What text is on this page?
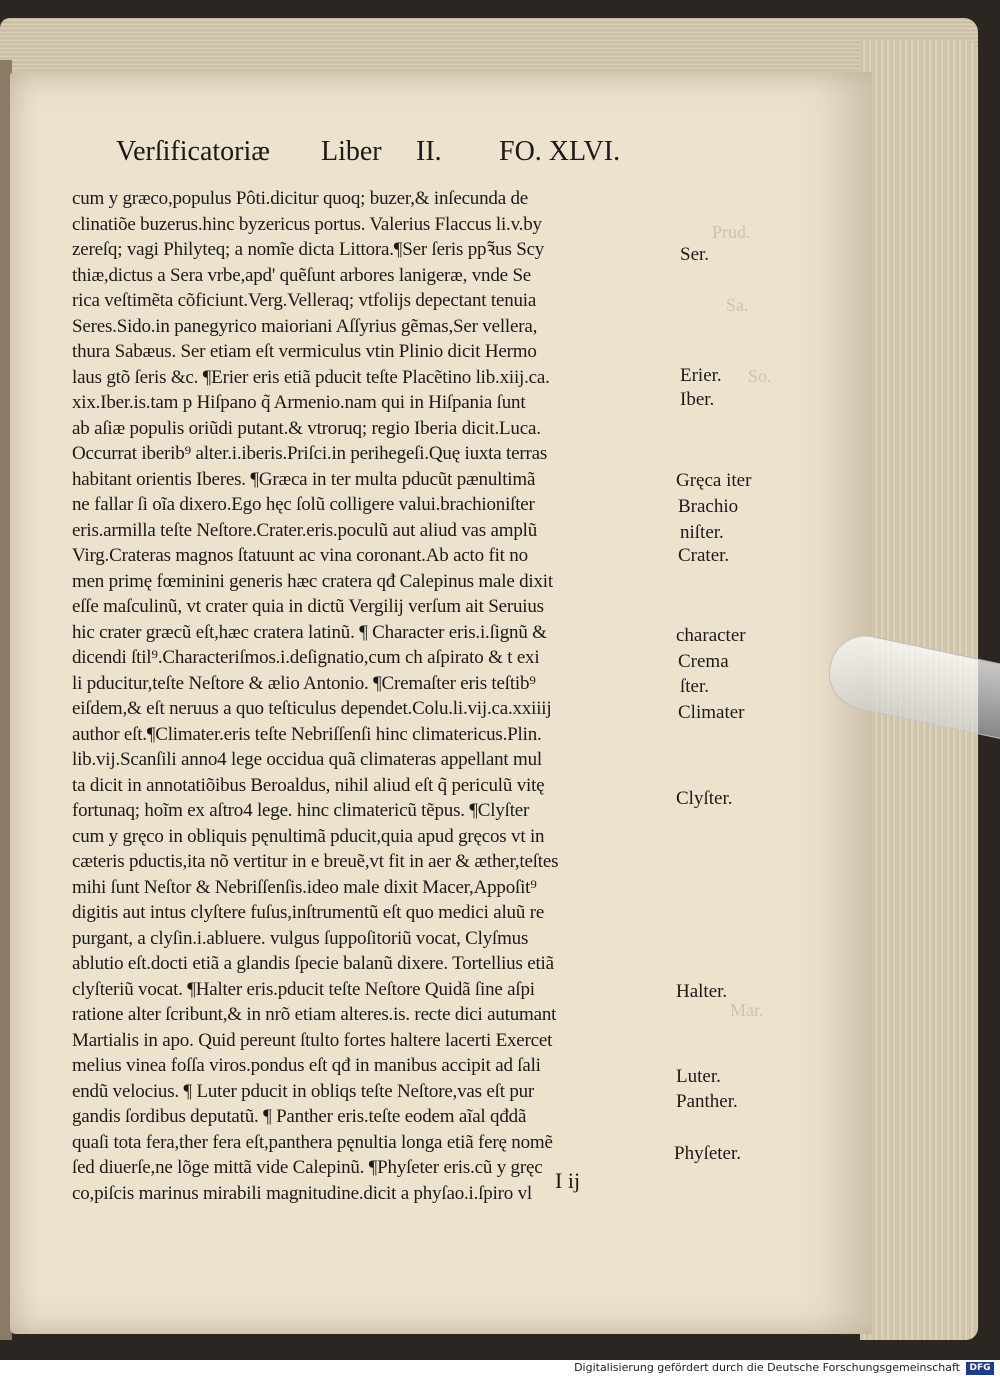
Prud.
Sa.
So.
Mar.
Verſificatoriæ Liber II. FO. XLVI.
cum y græco,populus Pôti.dicitur quoq; buzer,& inſecunda de
clinatiõe buzerus.hinc byzericus portus. Valerius Flaccus li.v.by
zereſq; vagi Philyteq; a nomĩe dicta Littora.¶Ser ſeris ppꝛ̃us Scy
thiæ,dictus a Sera vrbe,apd' quẽſunt arbores lanigeræ, vnde Se
rica veſtimẽta cõficiunt.Verg.Velleraq; vtfolijs depectant tenuia
Seres.Sido.in panegyrico maioriani Aſſyrius gẽmas,Ser vellera,
thura Sabæus. Ser etiam eſt vermiculus vtin Plinio dicit Hermo
laus gtõ ſeris &c. ¶Erier eris etiã pducit teſte Placẽtino lib.xiij.ca.
xix.Iber.is.tam p Hiſpano q̃ Armenio.nam qui in Hiſpania ſunt
ab aſiæ populis oriũdi putant.& vtroruq; regio Iberia dicit.Luca.
Occurrat iberib⁹ alter.i.iberis.Priſci.in perihegeſi.Quę iuxta terras
habitant orientis Iberes. ¶Græca in ter multa pducũt pænultimã
ne fallar ſi oĩa dixero.Ego hęc ſolũ colligere valui.brachioniſter
eris.armilla teſte Neſtore.Crater.eris.poculũ aut aliud vas amplũ
Virg.Crateras magnos ſtatuunt ac vina coronant.Ab acto fit no
men primę fœminini generis hæc cratera qđ Calepinus male dixit
eſſe maſculinũ, vt crater quia in dictũ Vergilij verſum ait Seruius
hic crater græcũ eſt,hæc cratera latinũ. ¶ Character eris.i.ſignũ &
dicendi ſtil⁹.Characteriſmos.i.deſignatio,cum ch aſpirato & t exi
li pducitur,teſte Neſtore & ælio Antonio. ¶Cremaſter eris teſtib⁹
eiſdem,& eſt neruus a quo teſticulus dependet.Colu.li.vij.ca.xxiiij
author eſt.¶Climater.eris teſte Nebriſſenſi hinc climatericus.Plin.
lib.vij.Scanſili anno4 lege occidua quã climateras appellant mul
ta dicit in annotatiõibus Beroaldus, nihil aliud eſt q̃ periculũ vitę
fortunaq; hoĩm ex aſtro4 lege. hinc climatericũ tẽpus. ¶Clyſter
cum y gręco in obliquis pęnultimã pducit,quia apud gręcos vt in
cæteris pductis,ita nõ vertitur in e breuẽ,vt fit in aer & æther,teſtes
mihi ſunt Neſtor & Nebriſſenſis.ideo male dixit Macer,Appoſit⁹
digitis aut intus clyſtere fuſus,inſtrumentũ eſt quo medici aluũ re
purgant, a clyſin.i.abluere. vulgus ſuppoſitoriũ vocat, Clyſmus
ablutio eſt.docti etiã a glandis ſpecie balanũ dixere. Tortellius etiã
clyſteriũ vocat. ¶Halter eris.pducit teſte Neſtore Quidã ſine aſpi
ratione alter ſcribunt,& in nrõ etiam alteres.is. recte dici autumant
Martialis in apo. Quid pereunt ſtulto fortes haltere lacerti Exercet
melius vinea foſſa viros.pondus eſt qđ in manibus accipit ad ſali
endũ velocius. ¶ Luter pducit in obliqs teſte Neſtore,vas eſt pur
gandis ſordibus deputatũ. ¶ Panther eris.teſte eodem aĩal qđdã
quaſi tota fera,ther fera eſt,panthera pęnultia longa etiã ferę nomẽ
ſed diuerſe,ne lõge mittã vide Calepinũ. ¶Phyſeter eris.cũ y gręc
co,piſcis marinus mirabili magnitudine.dicit a phyſao.i.ſpiro vl
Ser.
Erier.
Iber.
Gręca iter
Brachio
niſter.
Crater.
character
Crema
ſter.
Climater
Clyſter.
Halter.
Luter.
Panther.
Phyſeter.
I ij
Digitalisierung gefördert durch die Deutsche Forschungsgemeinschaft	DFG
